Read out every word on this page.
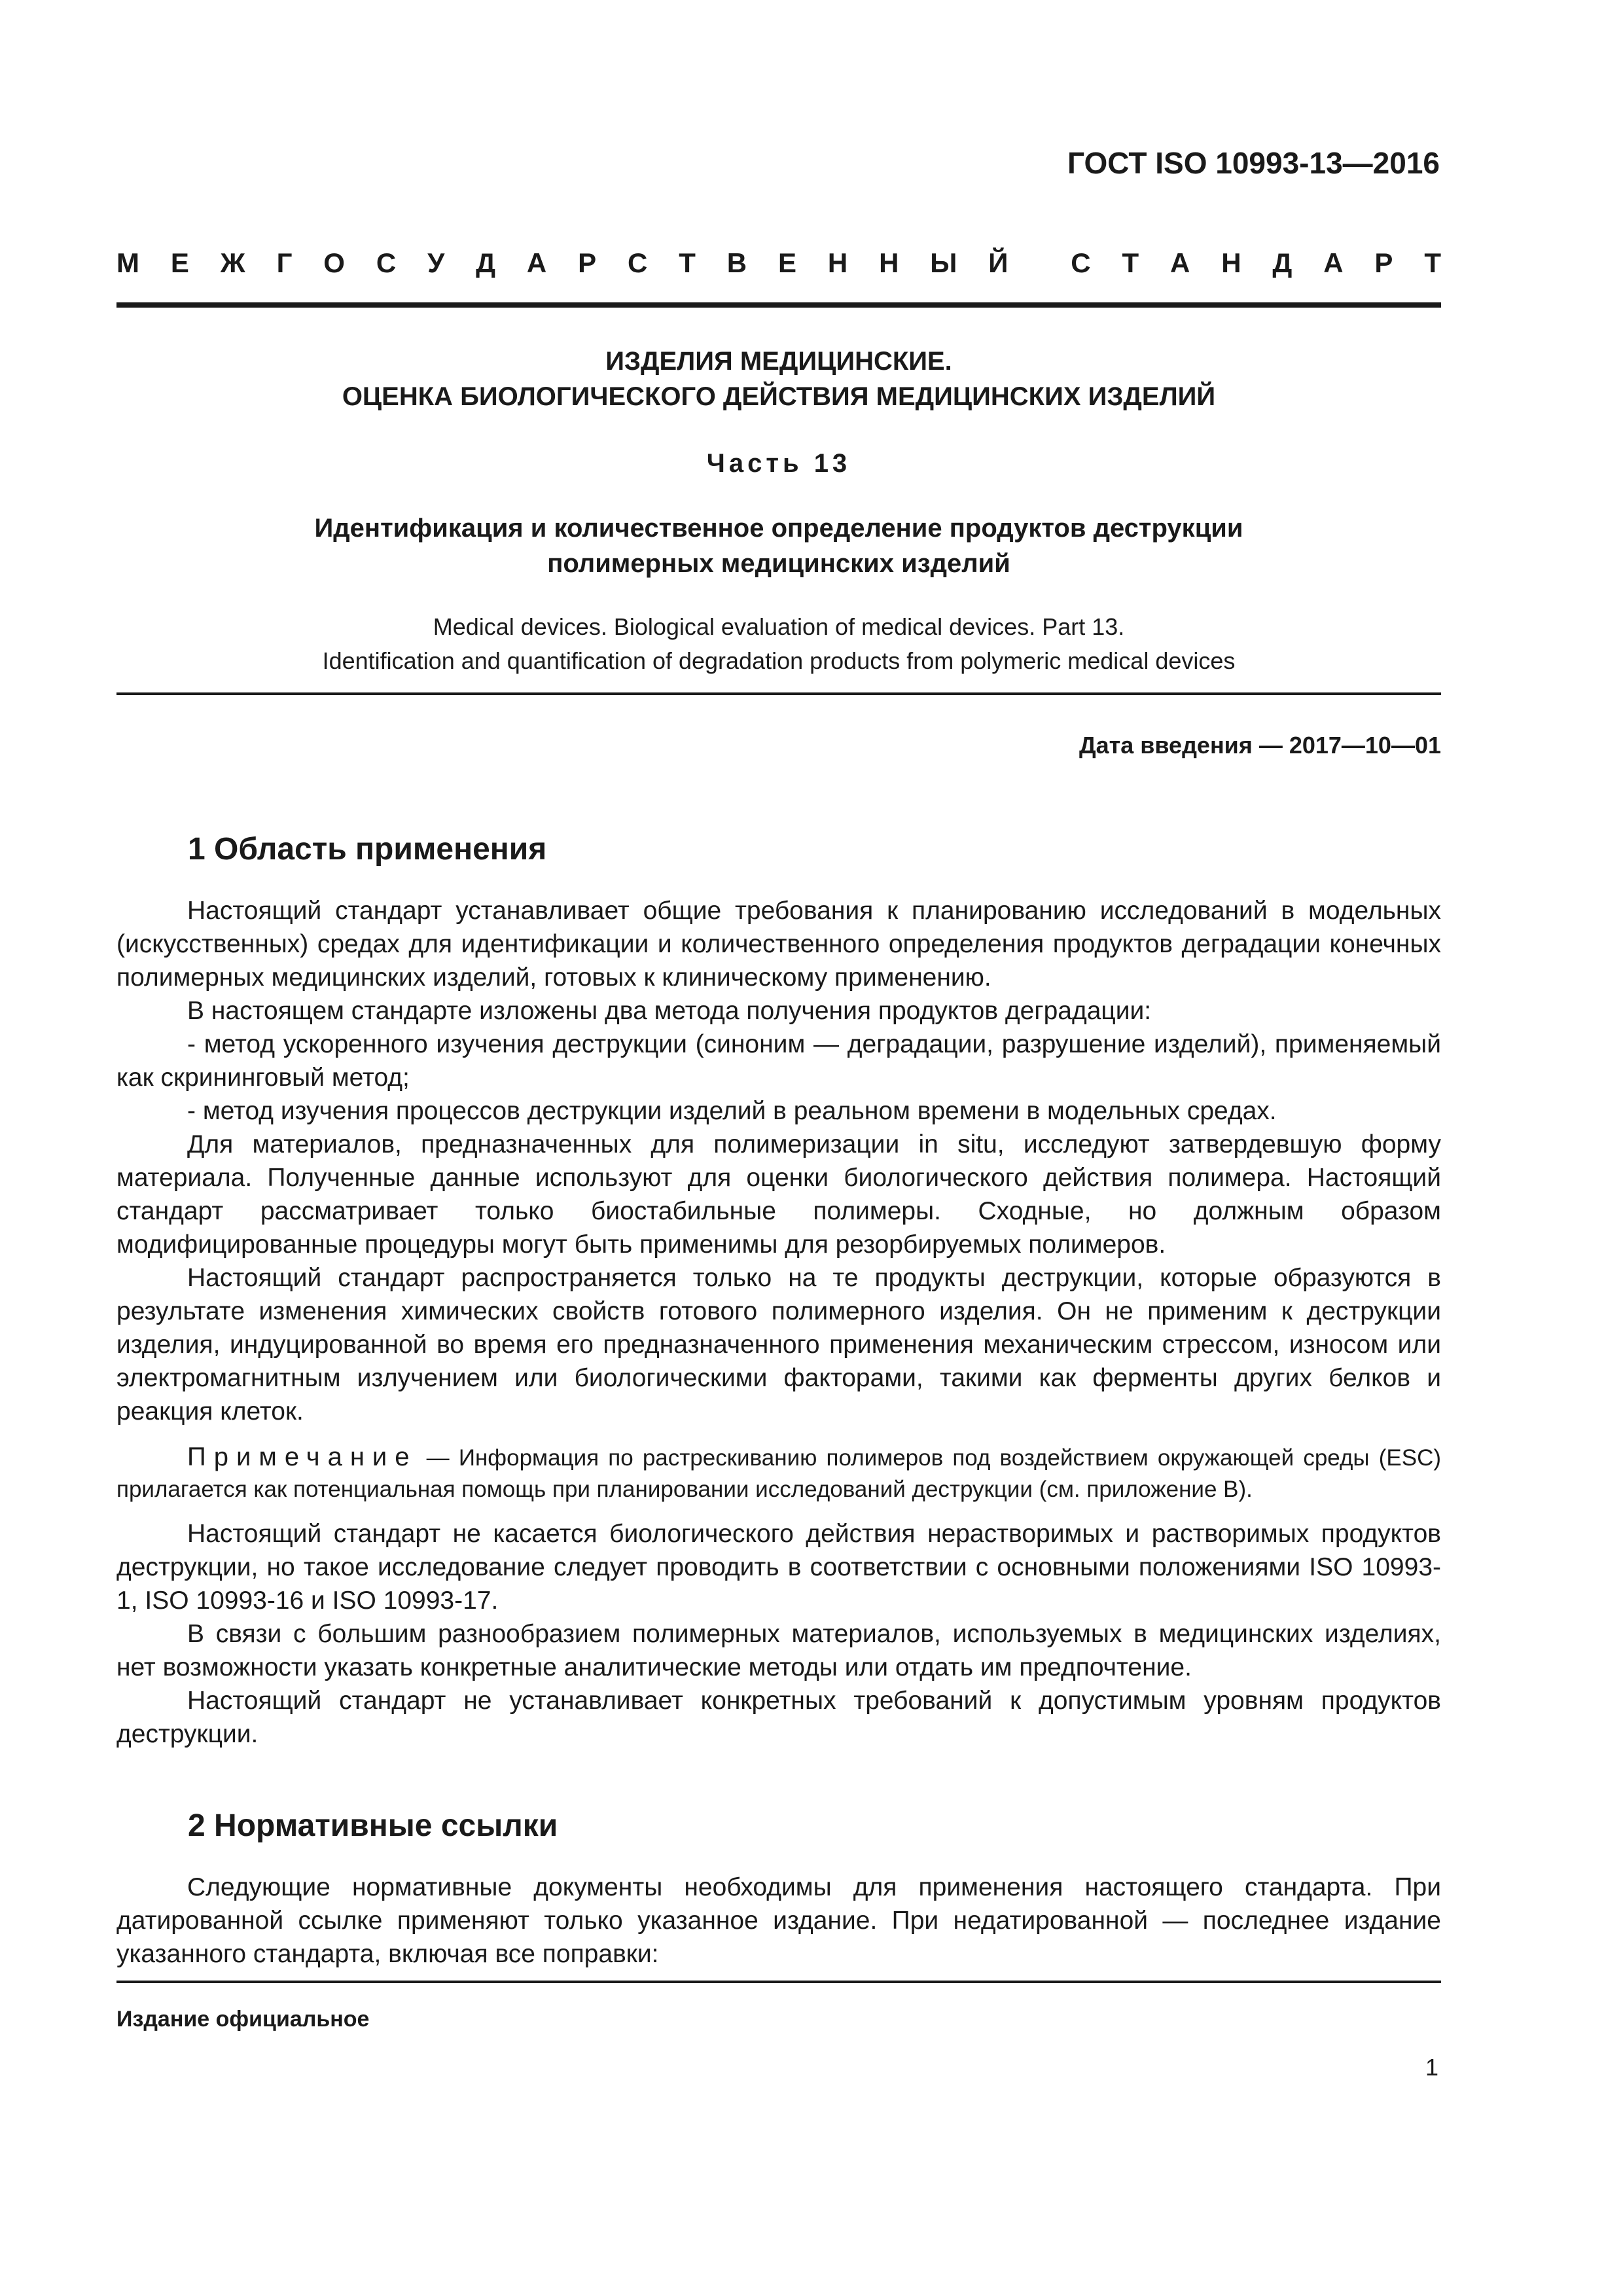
ГОСТ ISO 10993-13—2016
М Е Ж Г О С У Д А Р С Т В Е Н Н Ы Й С Т А Н Д А Р Т
ИЗДЕЛИЯ МЕДИЦИНСКИЕ.
ОЦЕНКА БИОЛОГИЧЕСКОГО ДЕЙСТВИЯ МЕДИЦИНСКИХ ИЗДЕЛИЙ
Часть 13
Идентификация и количественное определение продуктов деструкции
полимерных медицинских изделий
Medical devices. Biological evaluation of medical devices. Part 13.
Identification and quantification of degradation products from polymeric medical devices
Дата введения — 2017—10—01
1 Область применения

Настоящий стандарт устанавливает общие требования к планированию исследований в модельных (искусственных) средах для идентификации и количественного определения продуктов деградации конечных полимерных медицинских изделий, готовых к клиническому применению.

В настоящем стандарте изложены два метода получения продуктов деградации:

- метод ускоренного изучения деструкции (синоним — деградации, разрушение изделий), применяемый как скрининговый метод;

- метод изучения процессов деструкции изделий в реальном времени в модельных средах.

Для материалов, предназначенных для полимеризации in situ, исследуют затвердевшую форму материала. Полученные данные используют для оценки биологического действия полимера. Настоящий стандарт рассматривает только биостабильные полимеры. Сходные, но должным образом модифицированные процедуры могут быть применимы для резорбируемых полимеров.

Настоящий стандарт распространяется только на те продукты деструкции, которые образуются в результате изменения химических свойств готового полимерного изделия. Он не применим к деструкции изделия, индуцированной во время его предназначенного применения механическим стрессом, износом или электромагнитным излучением или биологическими факторами, такими как ферменты других белков и реакция клеток.

Примечание — Информация по растрескиванию полимеров под воздействием окружающей среды (ESC) прилагается как потенциальная помощь при планировании исследований деструкции (см. приложение В).

Настоящий стандарт не касается биологического действия нерастворимых и растворимых продуктов деструкции, но такое исследование следует проводить в соответствии с основными положениями ISO 10993-1, ISO 10993-16 и ISO 10993-17.

В связи с большим разнообразием полимерных материалов, используемых в медицинских изделиях, нет возможности указать конкретные аналитические методы или отдать им предпочтение.

Настоящий стандарт не устанавливает конкретных требований к допустимым уровням продуктов деструкции.

2 Нормативные ссылки

Следующие нормативные документы необходимы для применения настоящего стандарта. При датированной ссылке применяют только указанное издание. При недатированной — последнее издание указанного стандарта, включая все поправки:

Издание официальное
1
